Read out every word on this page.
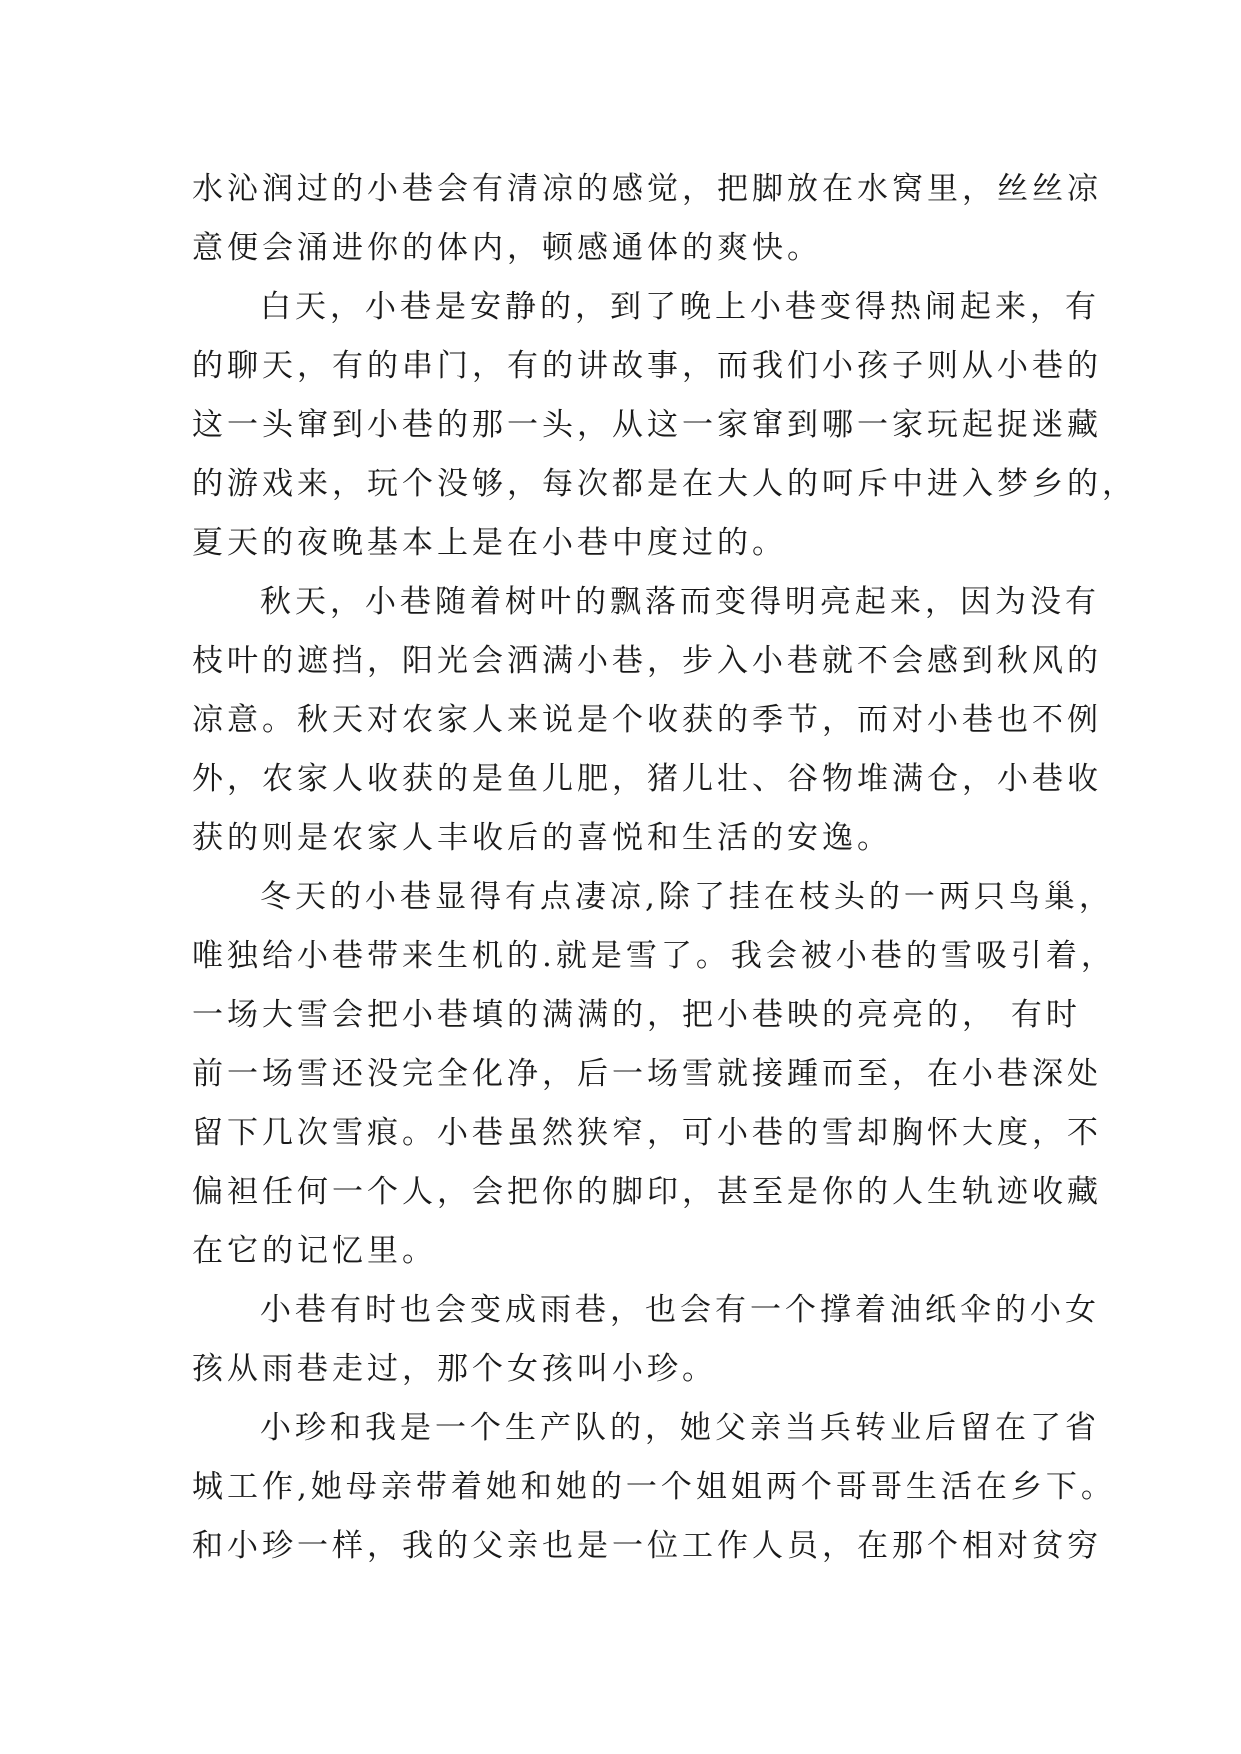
水沁润过的小巷会有清凉的感觉，把脚放在水窝里，丝丝凉
意便会涌进你的体内，顿感通体的爽快。
白天，小巷是安静的，到了晚上小巷变得热闹起来，有
的聊天，有的串门，有的讲故事，而我们小孩子则从小巷的
这一头窜到小巷的那一头，从这一家窜到哪一家玩起捉迷藏
的游戏来，玩个没够，每次都是在大人的呵斥中进入梦乡的，
夏天的夜晚基本上是在小巷中度过的。
秋天，小巷随着树叶的飘落而变得明亮起来，因为没有
枝叶的遮挡，阳光会洒满小巷，步入小巷就不会感到秋风的
凉意。秋天对农家人来说是个收获的季节，而对小巷也不例
外，农家人收获的是鱼儿肥，猪儿壮、谷物堆满仓，小巷收
获的则是农家人丰收后的喜悦和生活的安逸。
冬天的小巷显得有点凄凉,除了挂在枝头的一两只鸟巢，
唯独给小巷带来生机的.就是雪了。我会被小巷的雪吸引着，
一场大雪会把小巷填的满满的，把小巷映的亮亮的， 有时
前一场雪还没完全化净，后一场雪就接踵而至，在小巷深处
留下几次雪痕。小巷虽然狭窄，可小巷的雪却胸怀大度，不
偏袒任何一个人，会把你的脚印，甚至是你的人生轨迹收藏
在它的记忆里。
小巷有时也会变成雨巷，也会有一个撑着油纸伞的小女
孩从雨巷走过，那个女孩叫小珍。
小珍和我是一个生产队的，她父亲当兵转业后留在了省
城工作,她母亲带着她和她的一个姐姐两个哥哥生活在乡下。
和小珍一样，我的父亲也是一位工作人员，在那个相对贫穷
